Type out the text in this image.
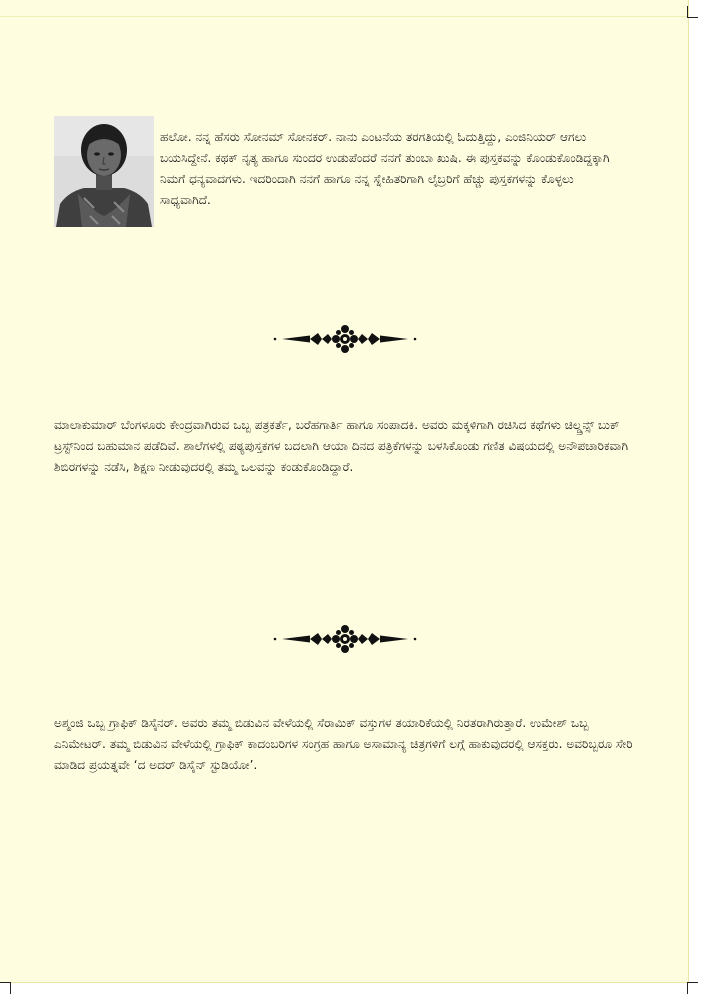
ಹಲೋ. ನನ್ನ ಹೆಸರು ಸೋನಮ್ ಸೋನಕರ್. ನಾನು ಎಂಟನೆಯ ತರಗತಿಯಲ್ಲಿ ಓದುತ್ತಿದ್ದು, ಎಂಜಿನಿಯರ್ ಆಗಲು ಬಯಸಿದ್ದೇನೆ. ಕಥಕ್ ನೃತ್ಯ ಹಾಗೂ ಸುಂದರ ಉಡುಪೆಂದರೆ ನನಗೆ ತುಂಬಾ ಖುಷಿ. ಈ ಪುಸ್ತಕವನ್ನು ಕೊಂಡುಕೊಂಡಿದ್ದಕ್ಕಾಗಿ ನಿಮಗೆ ಧನ್ಯವಾದಗಳು. ಇದರಿಂದಾಗಿ ನನಗೆ ಹಾಗೂ ನನ್ನ ಸ್ನೇಹಿತರಿಗಾಗಿ ಲೈಬ್ರರಿಗೆ ಹೆಚ್ಚು ಪುಸ್ತಕಗಳನ್ನು ಕೊಳ್ಳಲು ಸಾಧ್ಯವಾಗಿದೆ.

ಮಾಲಾಕುಮಾರ್ ಬೆಂಗಳೂರು ಕೇಂದ್ರವಾಗಿರುವ ಒಬ್ಬ ಪತ್ರಕರ್ತೆ, ಬರೆಹಗಾರ್ತಿ ಹಾಗೂ ಸಂಪಾದಕಿ. ಅವರು ಮಕ್ಕಳಿಗಾಗಿ ರಚಿಸಿದ ಕಥೆಗಳು ಚಿಲ್ಡ್ರನ್ಸ್ ಬುಕ್ ಟ್ರಸ್ಟ್‌ನಿಂದ ಬಹುಮಾನ ಪಡೆದಿವೆ. ಶಾಲೆಗಳಲ್ಲಿ ಪಠ್ಯಪುಸ್ತಕಗಳ ಬದಲಾಗಿ ಆಯಾ ದಿನದ ಪತ್ರಿಕೆಗಳನ್ನು ಬಳಸಿಕೊಂಡು ಗಣಿತ ವಿಷಯದಲ್ಲಿ ಅನೌಪಚಾರಿಕವಾಗಿ ಶಿಬಿರಗಳನ್ನು ನಡೆಸಿ, ಶಿಕ್ಷಣ ನೀಡುವುದರಲ್ಲಿ ತಮ್ಮ ಒಲವನ್ನು ಕಂಡುಕೊಂಡಿದ್ದಾರೆ.

ಅಶ್ಮಂಜಿ ಒಬ್ಬ ಗ್ರಾಫಿಕ್ ಡಿಸೈನರ್. ಅವರು ತಮ್ಮ ಬಿಡುವಿನ ವೇಳೆಯಲ್ಲಿ ಸೆರಾಮಿಕ್ ವಸ್ತುಗಳ ತಯಾರಿಕೆಯಲ್ಲಿ ನಿರತರಾಗಿರುತ್ತಾರೆ. ಉಮೇಶ್ ಒಬ್ಬ ಎನಿಮೇಟರ್. ತಮ್ಮ ಬಿಡುವಿನ ವೇಳೆಯಲ್ಲಿ ಗ್ರಾಫಿಕ್ ಕಾದಂಬರಿಗಳ ಸಂಗ್ರಹ ಹಾಗೂ ಅಸಾಮಾನ್ಯ ಚಿತ್ರಗಳಿಗೆ ಲಗ್ಗೆ ಹಾಕುವುದರಲ್ಲಿ ಆಸಕ್ತರು. ಅವರಿಬ್ಬರೂ ಸೇರಿ ಮಾಡಿದ ಪ್ರಯತ್ನವೇ ‘ದ ಅದರ್ ಡಿಸೈನ್ ಸ್ಟುಡಿಯೋ’.
